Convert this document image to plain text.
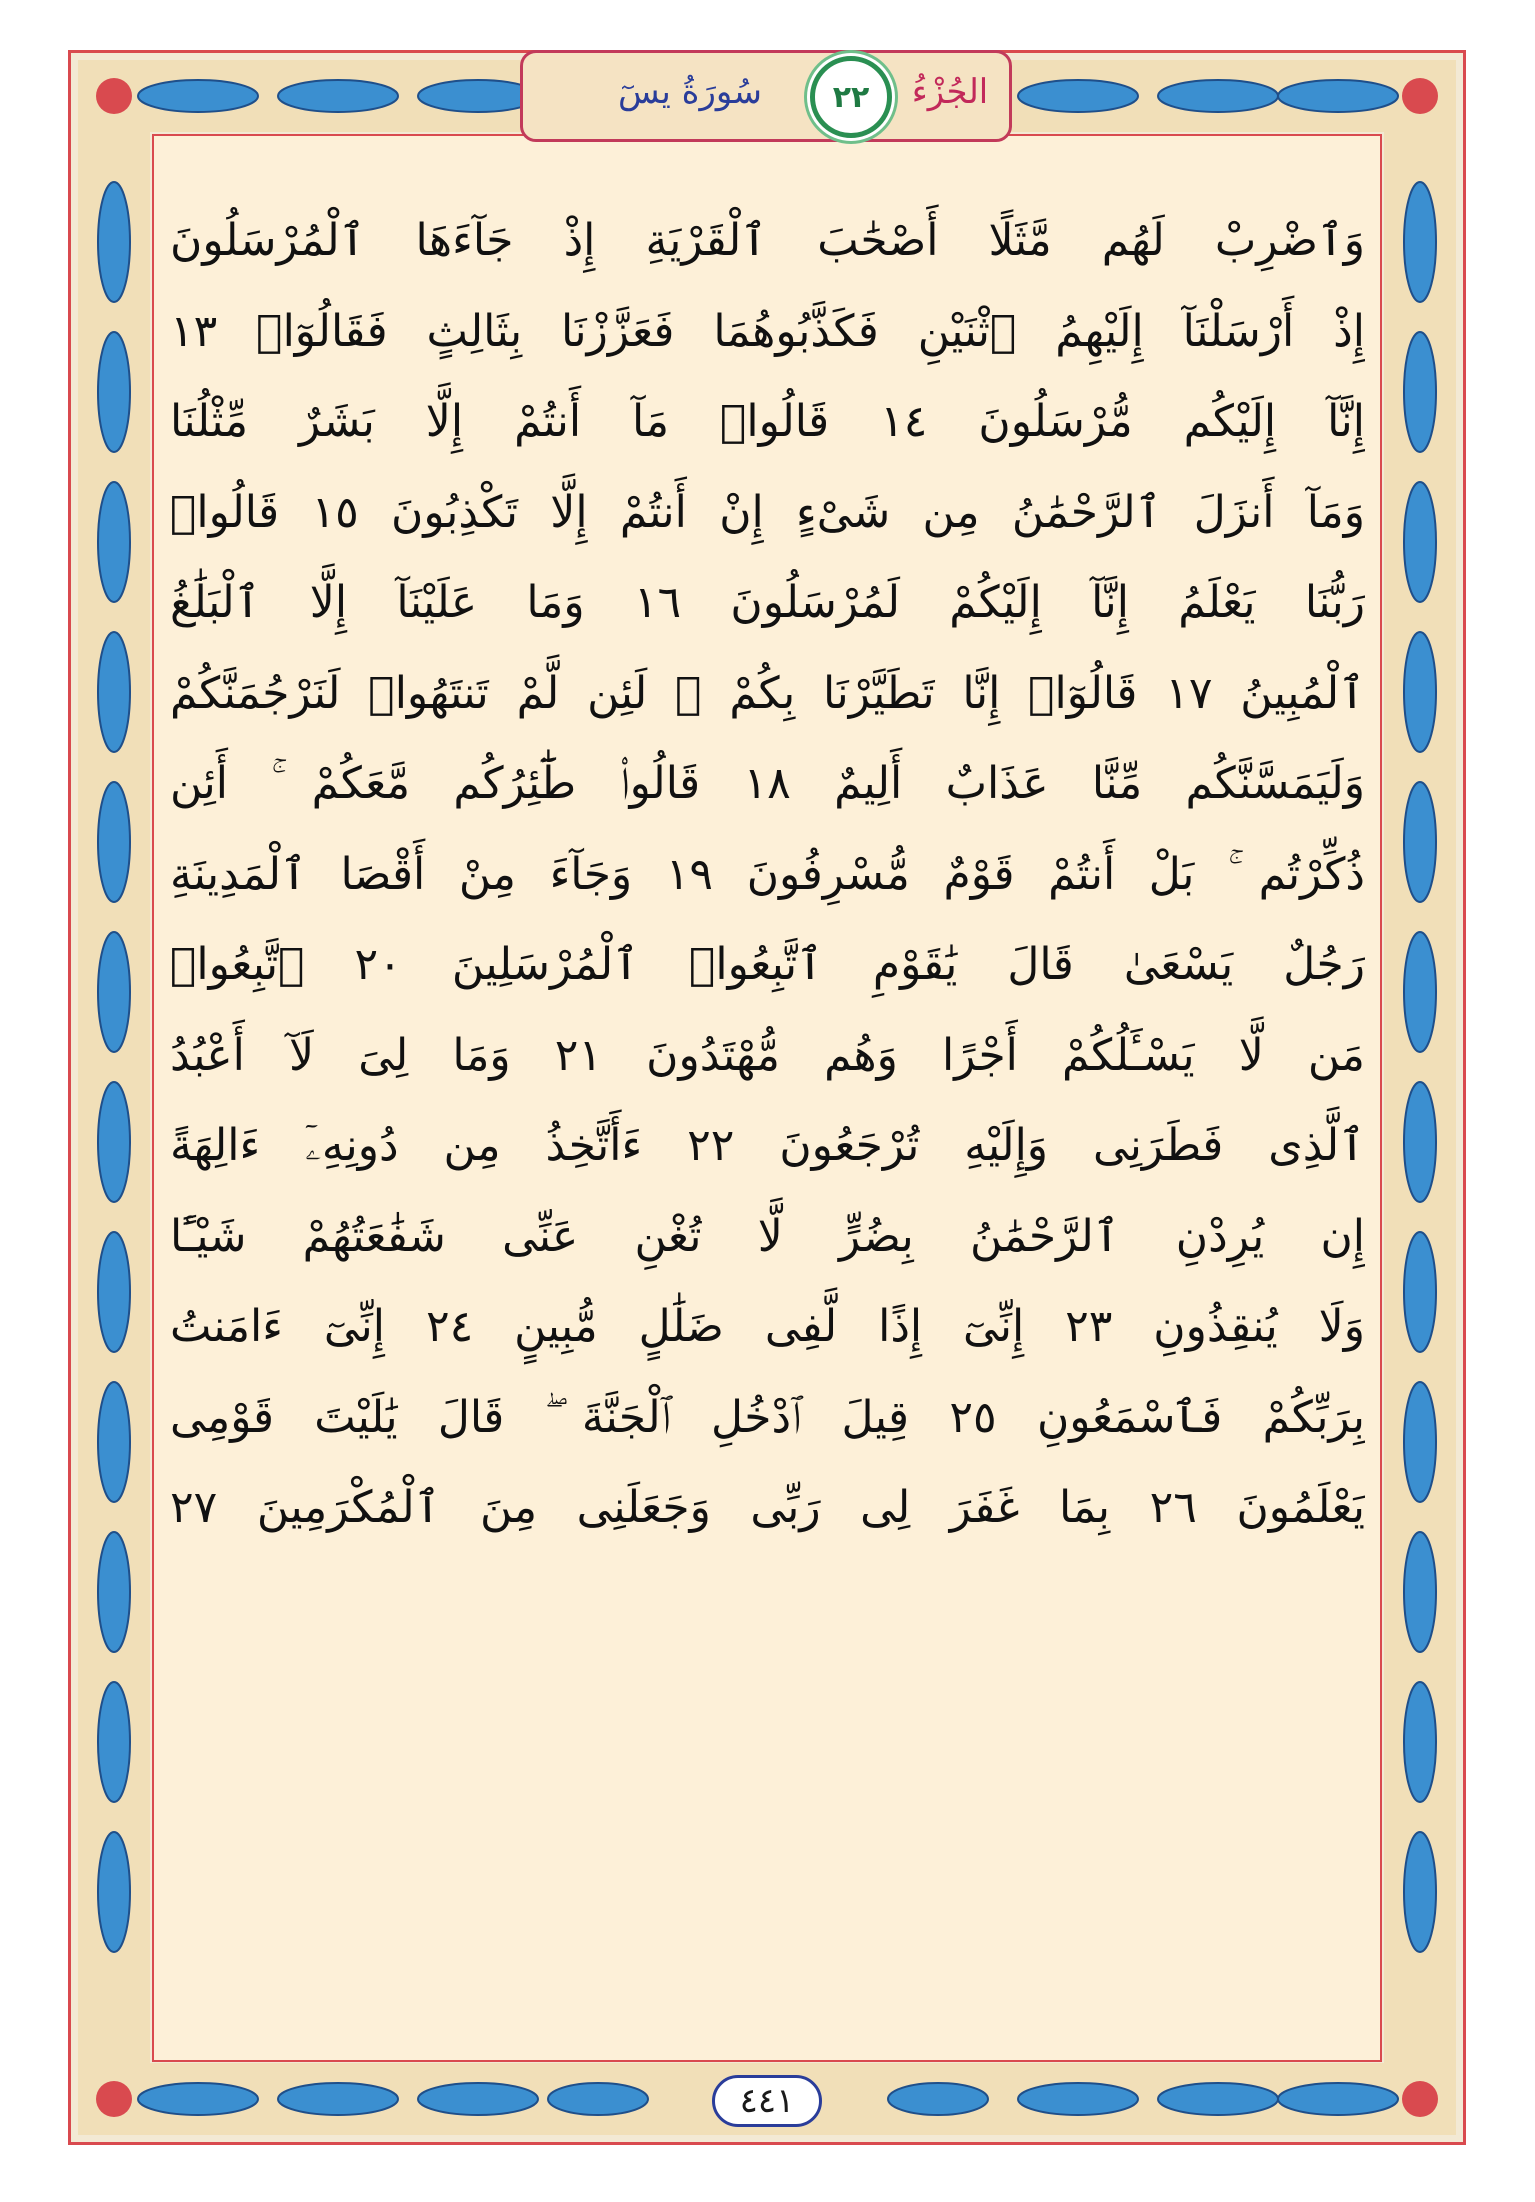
الجُزْءُ
٢٢
سُورَةُ يسٓ
وَٱضْرِبْ لَهُم مَّثَلًا أَصْحَٰبَ ٱلْقَرْيَةِ إِذْ جَآءَهَا ٱلْمُرْسَلُونَ
إِذْ أَرْسَلْنَآ إِلَيْهِمُ ٱثْنَيْنِ فَكَذَّبُوهُمَا فَعَزَّزْنَا بِثَالِثٍ فَقَالُوٓا۟ ١٣
إِنَّآ إِلَيْكُم مُّرْسَلُونَ ١٤ قَالُوا۟ مَآ أَنتُمْ إِلَّا بَشَرٌ مِّثْلُنَا
وَمَآ أَنزَلَ ٱلرَّحْمَٰنُ مِن شَىْءٍ إِنْ أَنتُمْ إِلَّا تَكْذِبُونَ ١٥ قَالُوا۟
رَبُّنَا يَعْلَمُ إِنَّآ إِلَيْكُمْ لَمُرْسَلُونَ ١٦ وَمَا عَلَيْنَآ إِلَّا ٱلْبَلَٰغُ
ٱلْمُبِينُ ١٧ قَالُوٓا۟ إِنَّا تَطَيَّرْنَا بِكُمْ ۖ لَئِن لَّمْ تَنتَهُوا۟ لَنَرْجُمَنَّكُمْ
وَلَيَمَسَّنَّكُم مِّنَّا عَذَابٌ أَلِيمٌ ١٨ قَالُوا۟ طَٰٓئِرُكُم مَّعَكُمْ ۚ أَئِن
ذُكِّرْتُم ۚ بَلْ أَنتُمْ قَوْمٌ مُّسْرِفُونَ ١٩ وَجَآءَ مِنْ أَقْصَا ٱلْمَدِينَةِ
رَجُلٌ يَسْعَىٰ قَالَ يَٰقَوْمِ ٱتَّبِعُوا۟ ٱلْمُرْسَلِينَ ٢٠ ٱتَّبِعُوا۟
مَن لَّا يَسْـَٔلُكُمْ أَجْرًا وَهُم مُّهْتَدُونَ ٢١ وَمَا لِىَ لَآ أَعْبُدُ
ٱلَّذِى فَطَرَنِى وَإِلَيْهِ تُرْجَعُونَ ٢٢ ءَأَتَّخِذُ مِن دُونِهِۦٓ ءَالِهَةً
إِن يُرِدْنِ ٱلرَّحْمَٰنُ بِضُرٍّ لَّا تُغْنِ عَنِّى شَفَٰعَتُهُمْ شَيْـًٔا
وَلَا يُنقِذُونِ ٢٣ إِنِّىٓ إِذًا لَّفِى ضَلَٰلٍ مُّبِينٍ ٢٤ إِنِّىٓ ءَامَنتُ
بِرَبِّكُمْ فَٱسْمَعُونِ ٢٥ قِيلَ ٱدْخُلِ ٱلْجَنَّةَ ۖ قَالَ يَٰلَيْتَ قَوْمِى
يَعْلَمُونَ ٢٦ بِمَا غَفَرَ لِى رَبِّى وَجَعَلَنِى مِنَ ٱلْمُكْرَمِينَ ٢٧
٤٤١
